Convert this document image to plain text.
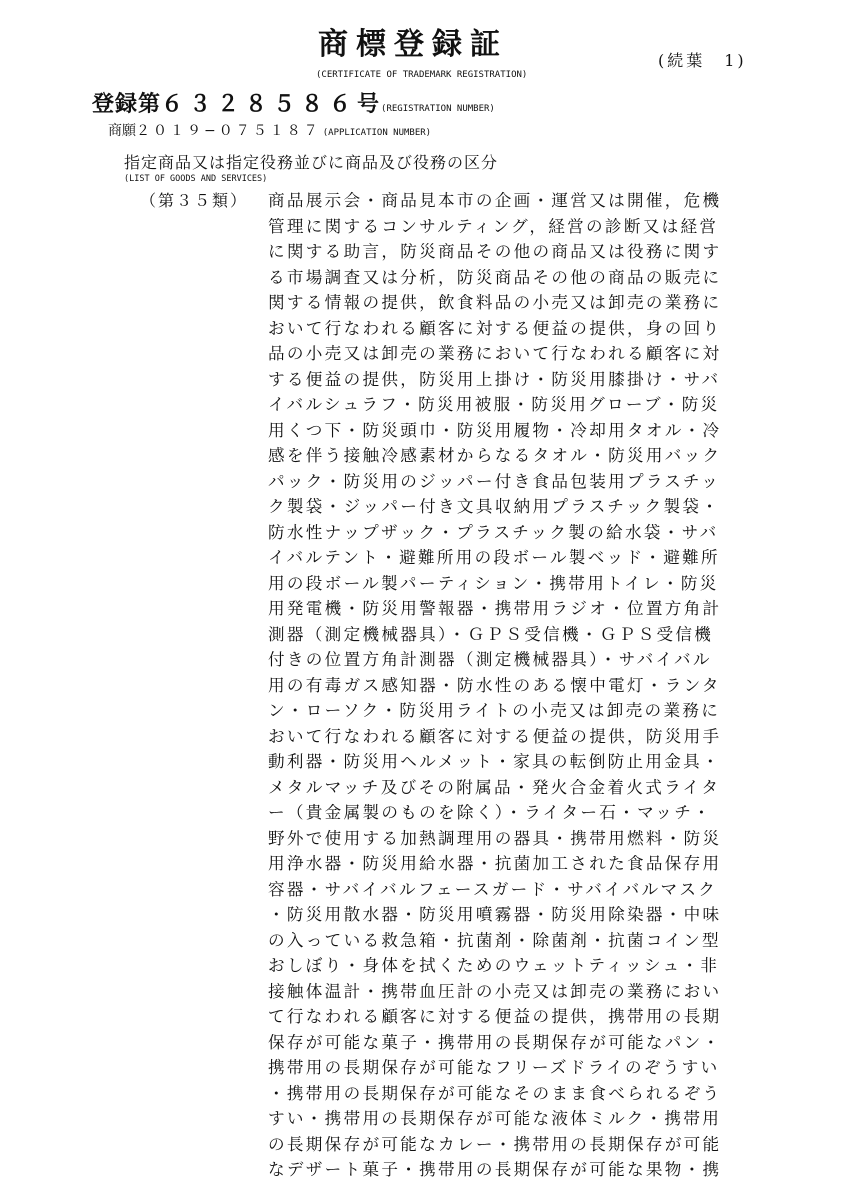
商標登録証
(CERTIFICATE OF TRADEMARK REGISTRATION)
(続葉　1)
登録第 ６３２８５８６ 号 (REGISTRATION NUMBER)
商願 ２０１９−０７５１８７ (APPLICATION NUMBER)
指定商品又は指定役務並びに商品及び役務の区分
(LIST OF GOODS AND SERVICES)
（第３５類） 商品展示会・商品見本市の企画・運営又は開催，危機
管理に関するコンサルティング，経営の診断又は経営
に関する助言，防災商品その他の商品又は役務に関す
る市場調査又は分析，防災商品その他の商品の販売に
関する情報の提供，飲食料品の小売又は卸売の業務に
おいて行なわれる顧客に対する便益の提供，身の回り
品の小売又は卸売の業務において行なわれる顧客に対
する便益の提供，防災用上掛け・防災用膝掛け・サバ
イバルシュラフ・防災用被服・防災用グローブ・防災
用くつ下・防災頭巾・防災用履物・冷却用タオル・冷
感を伴う接触冷感素材からなるタオル・防災用バック
パック・防災用のジッパー付き食品包装用プラスチッ
ク製袋・ジッパー付き文具収納用プラスチック製袋・
防水性ナップザック・プラスチック製の給水袋・サバ
イバルテント・避難所用の段ボール製ベッド・避難所
用の段ボール製パーティション・携帯用トイレ・防災
用発電機・防災用警報器・携帯用ラジオ・位置方角計
測器（測定機械器具）・ＧＰＳ受信機・ＧＰＳ受信機
付きの位置方角計測器（測定機械器具）・サバイバル
用の有毒ガス感知器・防水性のある懐中電灯・ランタ
ン・ローソク・防災用ライトの小売又は卸売の業務に
おいて行なわれる顧客に対する便益の提供，防災用手
動利器・防災用ヘルメット・家具の転倒防止用金具・
メタルマッチ及びその附属品・発火合金着火式ライタ
ー（貴金属製のものを除く）・ライター石・マッチ・
野外で使用する加熱調理用の器具・携帯用燃料・防災
用浄水器・防災用給水器・抗菌加工された食品保存用
容器・サバイバルフェースガード・サバイバルマスク
・防災用散水器・防災用噴霧器・防災用除染器・中味
の入っている救急箱・抗菌剤・除菌剤・抗菌コイン型
おしぼり・身体を拭くためのウェットティッシュ・非
接触体温計・携帯血圧計の小売又は卸売の業務におい
て行なわれる顧客に対する便益の提供，携帯用の長期
保存が可能な菓子・携帯用の長期保存が可能なパン・
携帯用の長期保存が可能なフリーズドライのぞうすい
・携帯用の長期保存が可能なそのまま食べられるぞう
すい・携帯用の長期保存が可能な液体ミルク・携帯用
の長期保存が可能なカレー・携帯用の長期保存が可能
なデザート菓子・携帯用の長期保存が可能な果物・携
